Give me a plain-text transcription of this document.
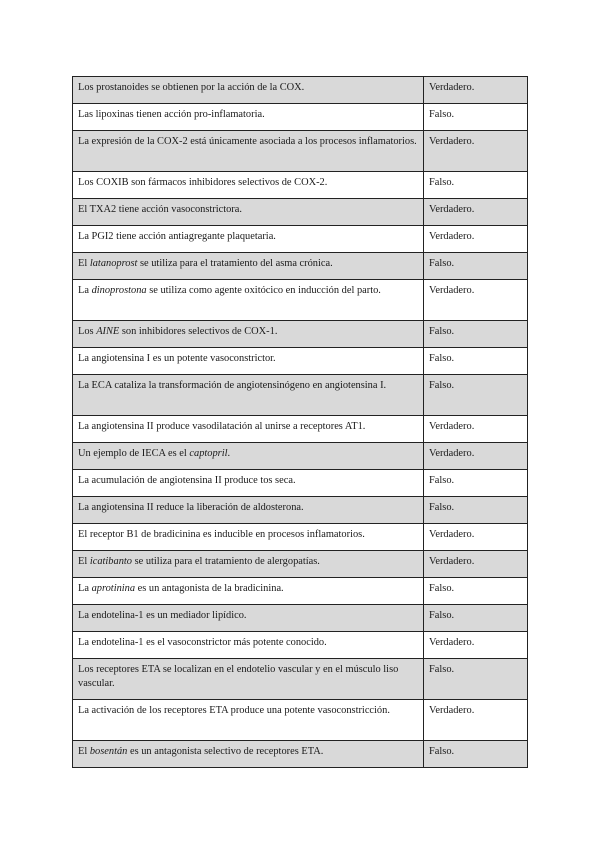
Los prostanoides se obtienen por la acción de la COX.	Verdadero.
Las lipoxinas tienen acción pro-inflamatoria.	Falso.
La expresión de la COX-2 está únicamente asociada a los procesos inflamatorios.	Verdadero.
Los COXIB son fármacos inhibidores selectivos de COX-2.	Falso.
El TXA2 tiene acción vasoconstrictora.	Verdadero.
La PGI2 tiene acción antiagregante plaquetaria.	Verdadero.
El latanoprost se utiliza para el tratamiento del asma crónica.	Falso.
La dinoprostona se utiliza como agente oxitócico en inducción del parto.	Verdadero.
Los AINE son inhibidores selectivos de COX-1.	Falso.
La angiotensina I es un potente vasoconstrictor.	Falso.
La ECA cataliza la transformación de angiotensinógeno en angiotensina I.	Falso.
La angiotensina II produce vasodilatación al unirse a receptores AT1.	Verdadero.
Un ejemplo de IECA es el captopril.	Verdadero.
La acumulación de angiotensina II produce tos seca.	Falso.
La angiotensina II reduce la liberación de aldosterona.	Falso.
El receptor B1 de bradicinina es inducible en procesos inflamatorios.	Verdadero.
El icatibanto se utiliza para el tratamiento de alergopatías.	Verdadero.
La aprotinina es un antagonista de la bradicinina.	Falso.
La endotelina-1 es un mediador lipídico.	Falso.
La endotelina-1 es el vasoconstrictor más potente conocido.	Verdadero.
Los receptores ETA se localizan en el endotelio vascular y en el músculo liso vascular.	Falso.
La activación de los receptores ETA produce una potente vasoconstricción.	Verdadero.
El bosentán es un antagonista selectivo de receptores ETA.	Falso.
